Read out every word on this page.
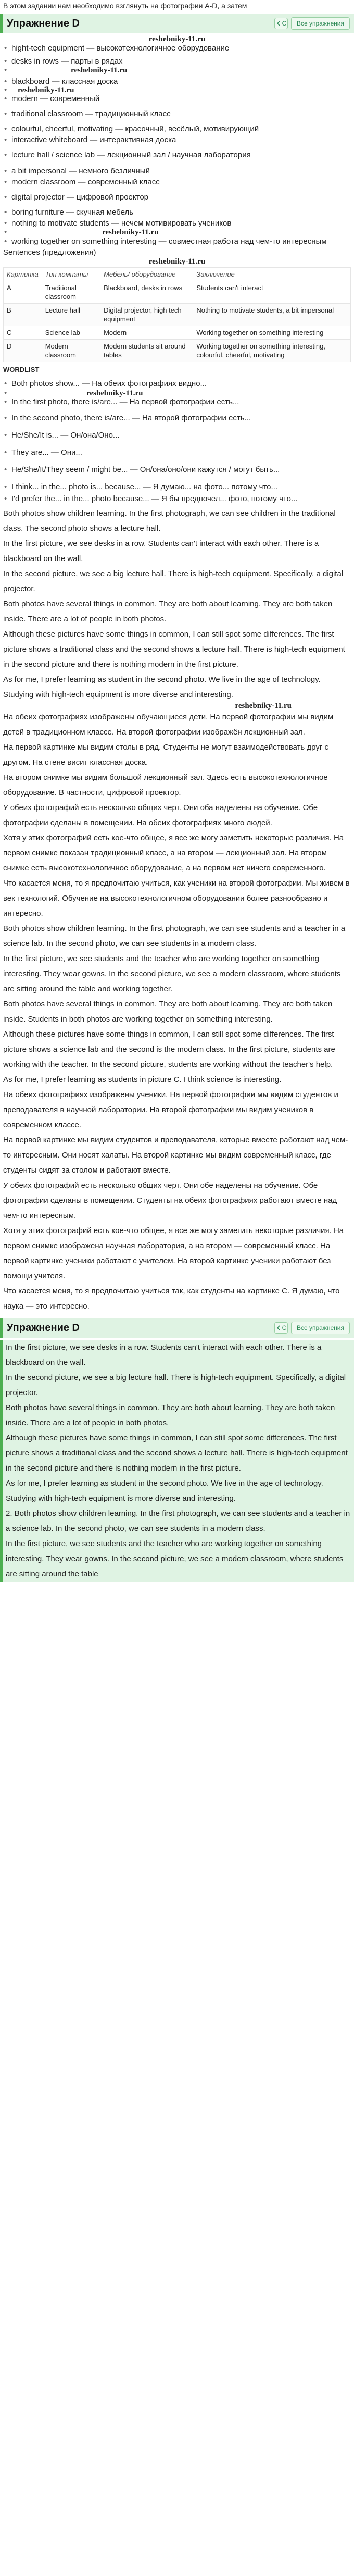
В этом задании нам необходимо взглянуть на фотографии A-D, а затем
Упражнение D	С	Все упражнения
reshebniky-11.ru
• hight-tech equipment — высокотехнологичное оборудование
• desks in rows — парты в рядах
• reshebniky-11.ru
• blackboard — классная доска
• reshebniky-11.ru
• modern — современный
• traditional classroom — традиционный класс
• colourful, cheerful, motivating — красочный, весёлый, мотивирующий
• interactive whiteboard — интерактивная доска
• lecture hall / science lab — лекционный зал / научная лаборатория
• a bit impersonal — немного безличный
• modern classroom — современный класс
• digital projector — цифровой проектор
• boring furniture — скучная мебель
• nothing to motivate students — нечем мотивировать учеников
• reshebniky-11.ru
• working together on something interesting — совместная работа над чем-то интересным
Sentences (предложения)
reshebniky-11.ru
Картинка	Тип комнаты	Мебель/ оборудование	Заключение
A	Traditional classroom	Blackboard, desks in rows	Students can't interact
B	Lecture hall	Digital projector, high tech equipment	Nothing to motivate students, a bit impersonal
C	Science lab	Modern	Working together on something interesting
D	Modern classroom	Modern students sit around tables	Working together on something interesting, colourful, cheerful, motivating
WORDLIST
• Both photos show... — На обеих фотографиях видно...
• reshebniky-11.ru
• In the first photo, there is/are... — На первой фотографии есть...
• In the second photo, there is/are... — На второй фотографии есть...
• He/She/It is... — Он/она/Оно...
• They are... — Они...
• He/She/It/They seem / might be... — Он/она/оно/они кажутся / могут быть...
• I think... in the... photo is... because... — Я думаю... на фото... потому что...
• I'd prefer the... in the... photo because... — Я бы предпочел... фото, потому что...
Both photos show children learning. In the first photograph, we can see children in the traditional class. The second photo shows a lecture hall.
In the first picture, we see desks in a row. Students can't interact with each other. There is a blackboard on the wall.
In the second picture, we see a big lecture hall. There is high-tech equipment. Specifically, a digital projector.
Both photos have several things in common. They are both about learning. They are both taken inside. There are a lot of people in both photos.
Although these pictures have some things in common, I can still spot some differences. The first picture shows a traditional class and the second shows a lecture hall. There is high-tech equipment in the second picture and there is nothing modern in the first picture.
As for me, I prefer learning as student in the second photo. We live in the age of technology. Studying with high-tech equipment is more diverse and interesting.
reshebniky-11.ru
На обеих фотографиях изображены обучающиеся дети. На первой фотографии мы видим детей в традиционном классе. На второй фотографии изображён лекционный зал.
На первой картинке мы видим столы в ряд. Студенты не могут взаимодействовать друг с другом. На стене висит классная доска.
На втором снимке мы видим большой лекционный зал. Здесь есть высокотехнологичное оборудование. В частности, цифровой проектор.
У обеих фотографий есть несколько общих черт. Они оба наделены на обучение. Обе фотографии сделаны в помещении. На обеих фотографиях много людей.
Хотя у этих фотографий есть кое-что общее, я все же могу заметить некоторые различия. На первом снимке показан традиционный класс, а на втором — лекционный зал. На втором снимке есть высокотехнологичное оборудование, а на первом нет ничего современного.
Что касается меня, то я предпочитаю учиться, как ученики на второй фотографии. Мы живем в век технологий. Обучение на высокотехнологичном оборудовании более разнообразно и интересно.
Both photos show children learning. In the first photograph, we can see students and a teacher in a science lab. In the second photo, we can see students in a modern class.
In the first picture, we see students and the teacher who are working together on something interesting. They wear gowns. In the second picture, we see a modern classroom, where students are sitting around the table and working together.
Both photos have several things in common. They are both about learning. They are both taken inside. Students in both photos are working together on something interesting.
Although these pictures have some things in common, I can still spot some differences. The first picture shows a science lab and the second is the modern class. In the first picture, students are working with the teacher. In the second picture, students are working without the teacher's help.
As for me, I prefer learning as students in picture C. I think science is interesting.
На обеих фотографиях изображены ученики. На первой фотографии мы видим студентов и преподавателя в научной лаборатории. На второй фотографии мы видим учеников в современном классе.
На первой картинке мы видим студентов и преподавателя, которые вместе работают над чем-то интересным. Они носят халаты. На второй картинке мы видим современный класс, где студенты сидят за столом и работают вместе.
У обеих фотографий есть несколько общих черт. Они обе наделены на обучение. Обе фотографии сделаны в помещении. Студенты на обеих фотографиях работают вместе над чем-то интересным.
Хотя у этих фотографий есть кое-что общее, я все же могу заметить некоторые различия. На первом снимке изображена научная лаборатория, а на втором — современный класс. На первой картинке ученики работают с учителем. На второй картинке ученики работают без помощи учителя.
Что касается меня, то я предпочитаю учиться так, как студенты на картинке C. Я думаю, что наука — это интересно.
Упражнение D	С	Все упражнения
In the first picture, we see desks in a row. Students can't interact with each other. There is a blackboard on the wall.
In the second picture, we see a big lecture hall. There is high-tech equipment. Specifically, a digital projector.
Both photos have several things in common. They are both about learning. They are both taken inside. There are a lot of people in both photos.
Although these pictures have some things in common, I can still spot some differences. The first picture shows a traditional class and the second shows a lecture hall. There is high-tech equipment in the second picture and there is nothing modern in the first picture.
As for me, I prefer learning as student in the second photo. We live in the age of technology. Studying with high-tech equipment is more diverse and interesting.
2. Both photos show children learning. In the first photograph, we can see students and a teacher in a science lab. In the second photo, we can see students in a modern class.
In the first picture, we see students and the teacher who are working together on something interesting. They wear gowns. In the second picture, we see a modern classroom, where students are sitting around the table
